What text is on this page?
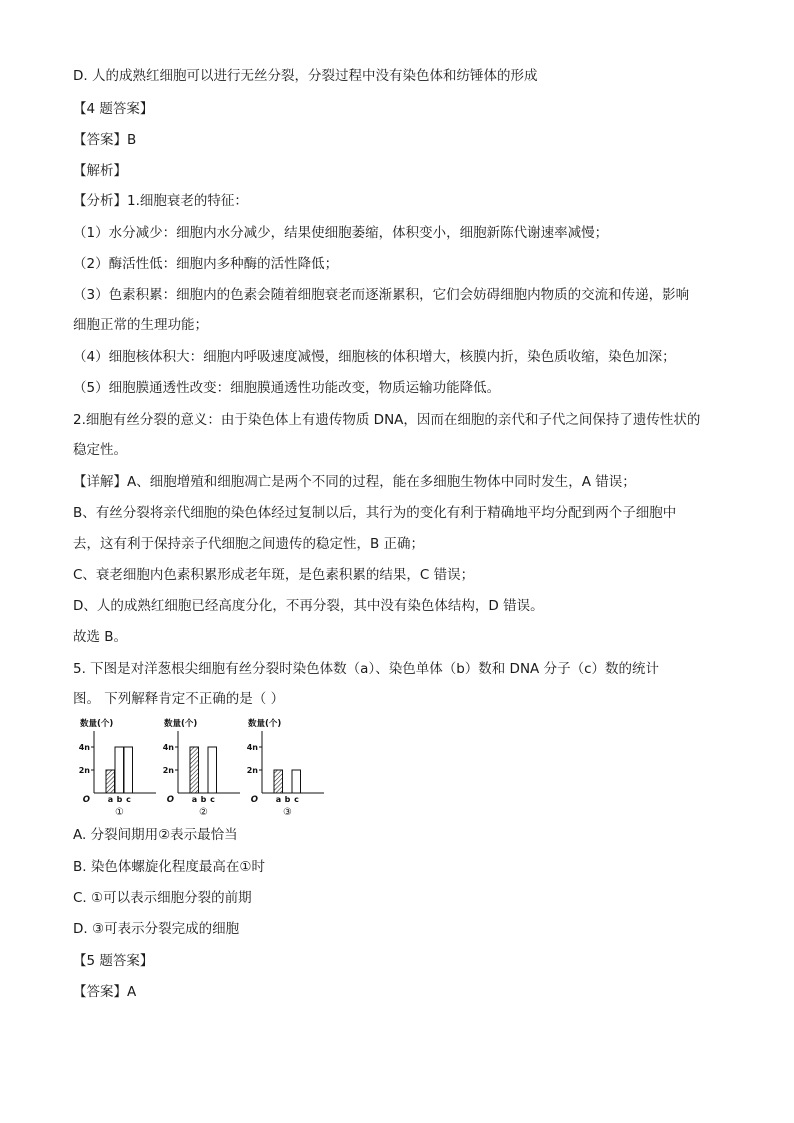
D. 人的成熟红细胞可以进行无丝分裂，分裂过程中没有染色体和纺锤体的形成
【4 题答案】
【答案】B
【解析】
【分析】1.细胞衰老的特征：
（1）水分减少：细胞内水分减少，结果使细胞萎缩，体积变小，细胞新陈代谢速率减慢；
（2）酶活性低：细胞内多种酶的活性降低；
（3）色素积累：细胞内的色素会随着细胞衰老而逐渐累积，它们会妨碍细胞内物质的交流和传递，影响
细胞正常的生理功能；
（4）细胞核体积大：细胞内呼吸速度减慢，细胞核的体积增大，核膜内折，染色质收缩，染色加深；
（5）细胞膜通透性改变：细胞膜通透性功能改变，物质运输功能降低。
2.细胞有丝分裂的意义：由于染色体上有遗传物质 DNA，因而在细胞的亲代和子代之间保持了遗传性状的
稳定性。
【详解】A、细胞增殖和细胞凋亡是两个不同的过程，能在多细胞生物体中同时发生，A 错误；
B、有丝分裂将亲代细胞的染色体经过复制以后，其行为的变化有利于精确地平均分配到两个子细胞中
去，这有利于保持亲子代细胞之间遗传的稳定性，B 正确；
C、衰老细胞内色素积累形成老年斑，是色素积累的结果，C 错误；
D、人的成熟红细胞已经高度分化，不再分裂，其中没有染色体结构，D 错误。
故选 B。
5. 下图是对洋葱根尖细胞有丝分裂时染色体数（a）、染色单体（b）数和 DNA 分子（c）数的统计
图。 下列解释肯定不正确的是（ ）
数量(个)
2n
4n
O a b c
①
数量(个)
2n
4n
O a b c
②
数量(个)
2n
4n
O a b c
③
A. 分裂间期用②表示最恰当
B. 染色体螺旋化程度最高在①时
C. ①可以表示细胞分裂的前期
D. ③可表示分裂完成的细胞
【5 题答案】
【答案】A
